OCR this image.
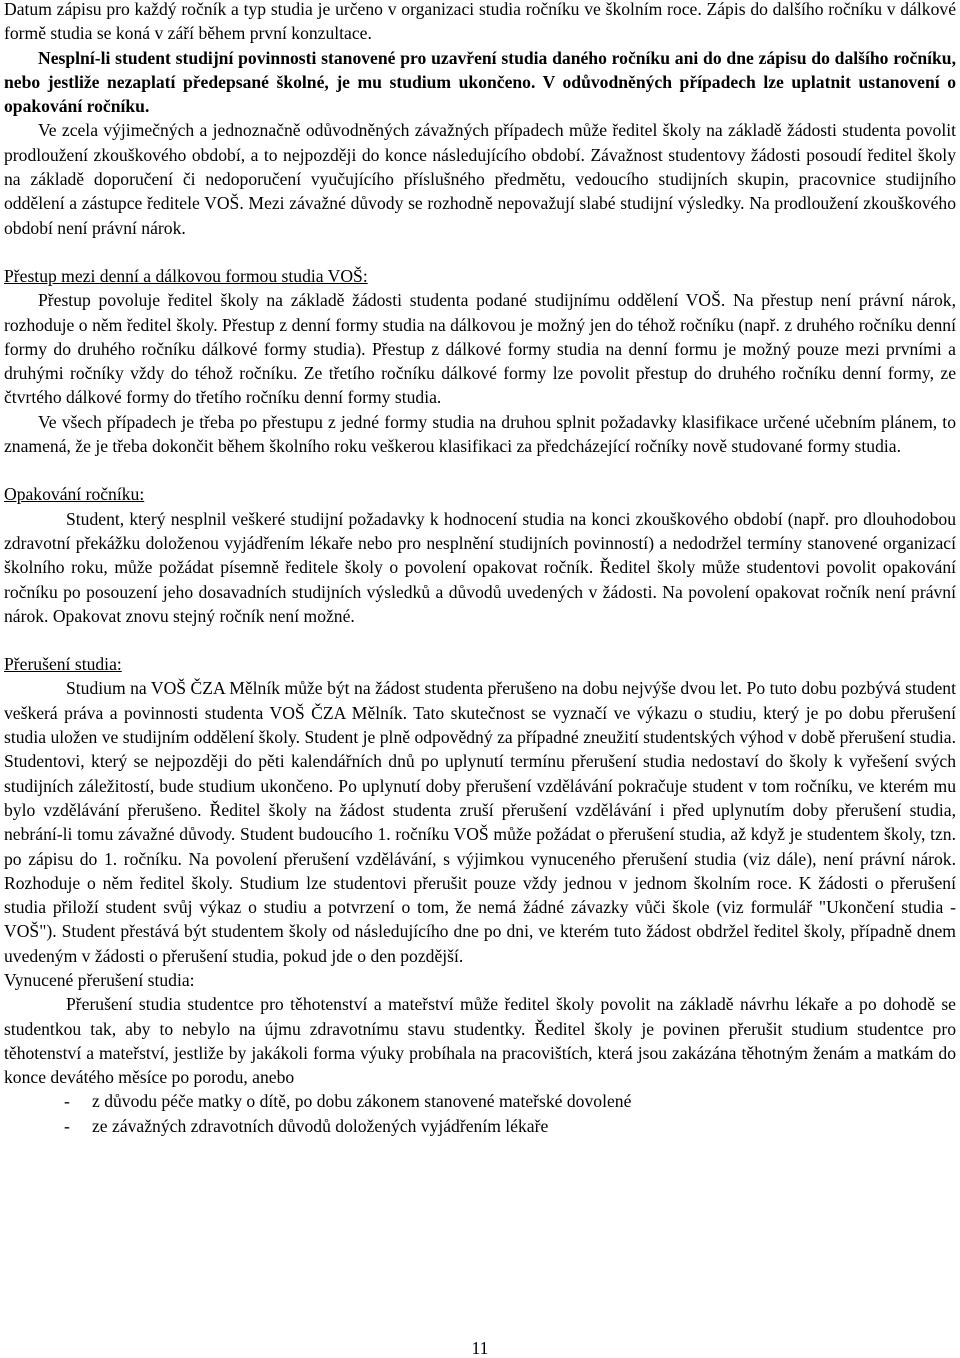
Datum zápisu pro každý ročník a typ studia je určeno v organizaci studia ročníku ve školním roce. Zápis do dalšího ročníku v dálkové formě studia se koná v září během první konzultace.

Nesplní-li student studijní povinnosti stanovené pro uzavření studia daného ročníku ani do dne zápisu do dalšího ročníku, nebo jestliže nezaplatí předepsané školné, je mu studium ukončeno. V odůvodněných případech lze uplatnit ustanovení o opakování ročníku.

Ve zcela výjimečných a jednoznačně odůvodněných závažných případech může ředitel školy na základě žádosti studenta povolit prodloužení zkouškového období, a to nejpozději do konce následujícího období. Závažnost studentovy žádosti posoudí ředitel školy na základě doporučení či nedoporučení vyučujícího příslušného předmětu, vedoucího studijních skupin, pracovnice studijního oddělení a zástupce ředitele VOŠ. Mezi závažné důvody se rozhodně nepovažují slabé studijní výsledky. Na prodloužení zkouškového období není právní nárok.

Přestup mezi denní a dálkovou formou studia VOŠ:

Přestup povoluje ředitel školy na základě žádosti studenta podané studijnímu oddělení VOŠ. Na přestup není právní nárok, rozhoduje o něm ředitel školy. Přestup z denní formy studia na dálkovou je možný jen do téhož ročníku (např. z druhého ročníku denní formy do druhého ročníku dálkové formy studia). Přestup z dálkové formy studia na denní formu je možný pouze mezi prvními a druhými ročníky vždy do téhož ročníku. Ze třetího ročníku dálkové formy lze povolit přestup do druhého ročníku denní formy, ze čtvrtého dálkové formy do třetího ročníku denní formy studia.

Ve všech případech je třeba po přestupu z jedné formy studia na druhou splnit požadavky klasifikace určené učebním plánem, to znamená, že je třeba dokončit během školního roku veškerou klasifikaci za předcházející ročníky nově studované formy studia.

Opakování ročníku:

Student, který nesplnil veškeré studijní požadavky k hodnocení studia na konci zkouškového období (např. pro dlouhodobou zdravotní překážku doloženou vyjádřením lékaře nebo pro nesplnění studijních povinností) a nedodržel termíny stanovené organizací školního roku, může požádat písemně ředitele školy o povolení opakovat ročník. Ředitel školy může studentovi povolit opakování ročníku po posouzení jeho dosavadních studijních výsledků a důvodů uvedených v žádosti. Na povolení opakovat ročník není právní nárok. Opakovat znovu stejný ročník není možné.

Přerušení studia:

Studium na VOŠ ČZA Mělník může být na žádost studenta přerušeno na dobu nejvýše dvou let. Po tuto dobu pozbývá student veškerá práva a povinnosti studenta VOŠ ČZA Mělník. Tato skutečnost se vyznačí ve výkazu o studiu, který je po dobu přerušení studia uložen ve studijním oddělení školy. Student je plně odpovědný za případné zneužití studentských výhod v době přerušení studia. Studentovi, který se nejpozději do pěti kalendářních dnů po uplynutí termínu přerušení studia nedostaví do školy k vyřešení svých studijních záležitostí, bude studium ukončeno. Po uplynutí doby přerušení vzdělávání pokračuje student v tom ročníku, ve kterém mu bylo vzdělávání přerušeno. Ředitel školy na žádost studenta zruší přerušení vzdělávání i před uplynutím doby přerušení studia, nebrání-li tomu závažné důvody. Student budoucího 1. ročníku VOŠ může požádat o přerušení studia, až když je studentem školy, tzn. po zápisu do 1. ročníku. Na povolení přerušení vzdělávání, s výjimkou vynuceného přerušení studia (viz dále), není právní nárok. Rozhoduje o něm ředitel školy. Studium lze studentovi přerušit pouze vždy jednou v jednom školním roce. K žádosti o přerušení studia přiloží student svůj výkaz o studiu a potvrzení o tom, že nemá žádné závazky vůči škole (viz formulář "Ukončení studia - VOŠ"). Student přestává být studentem školy od následujícího dne po dni, ve kterém tuto žádost obdržel ředitel školy, případně dnem uvedeným v žádosti o přerušení studia, pokud jde o den pozdější.

Vynucené přerušení studia:

Přerušení studia studentce pro těhotenství a mateřství může ředitel školy povolit na základě návrhu lékaře a po dohodě se studentkou tak, aby to nebylo na újmu zdravotnímu stavu studentky. Ředitel školy je povinen přerušit studium studentce pro těhotenství a mateřství, jestliže by jakákoli forma výuky probíhala na pracovištích, která jsou zakázána těhotným ženám a matkám do konce devátého měsíce po porodu, anebo

- z důvodu péče matky o dítě, po dobu zákonem stanovené mateřské dovolené
- ze závažných zdravotních důvodů doložených vyjádřením lékaře
11
